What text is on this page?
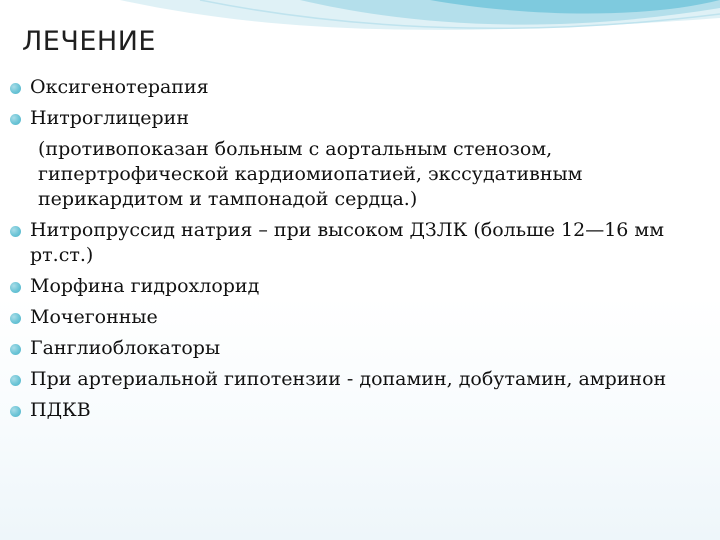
ЛЕЧЕНИЕ
Оксигенотерапия
Нитроглицерин
(противопоказан больным с аортальным стенозом, гипертрофической кардиомиопатией, экссудативным перикардитом и тампонадой сердца.)
Нитропруссид натрия – при высоком ДЗЛК (больше 12—16 мм рт.ст.)
Морфина гидрохлорид
Мочегонные
Ганглиоблокаторы
При артериальной гипотензии - допамин, добутамин, амринон
ПДКВ
